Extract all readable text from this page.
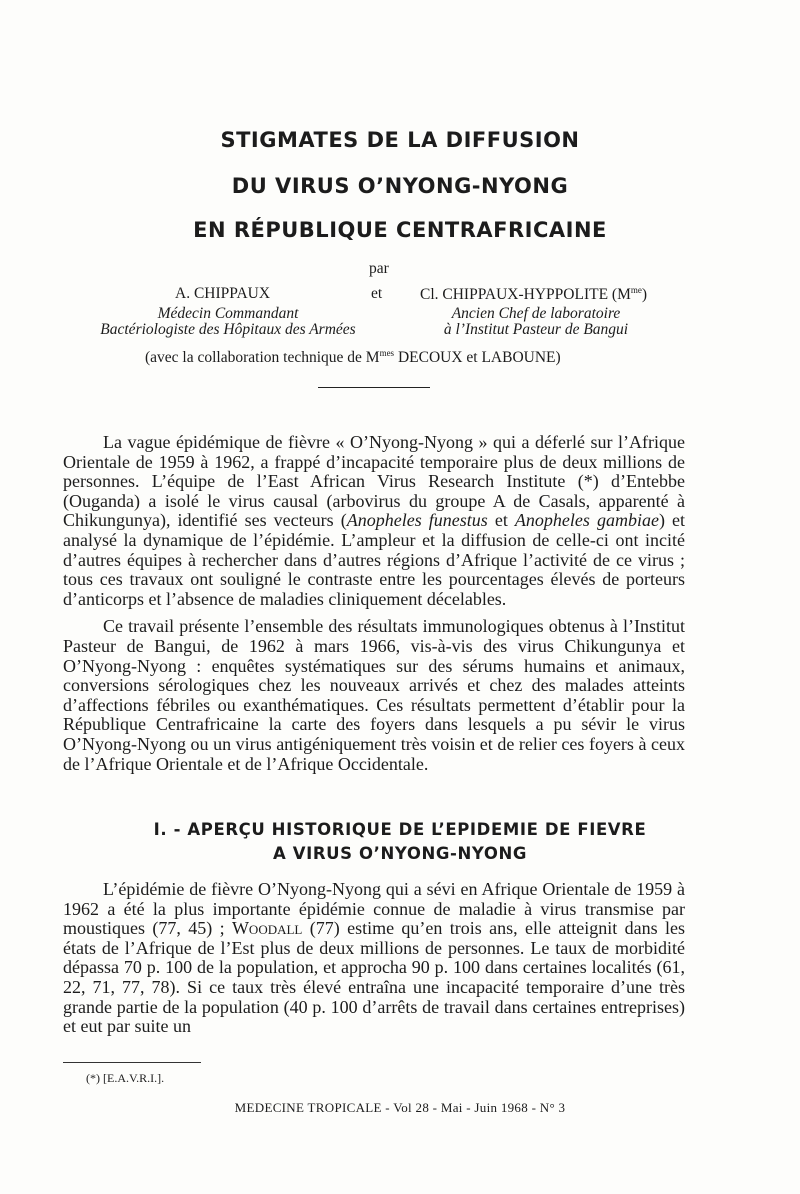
STIGMATES DE LA DIFFUSION
DU VIRUS O’NYONG-NYONG
EN RÉPUBLIQUE CENTRAFRICAINE
par
A. CHIPPAUX	et Cl. CHIPPAUX-HYPPOLITE $(M^{me})$
Médecin Commandant
Bactériologiste des Hôpitaux des Armées
Ancien Chef de laboratoire
à l’Institut Pasteur de Bangui
(avec la collaboration technique de $M^{mes}$ DECOUX et LABOUNE)

La vague épidémique de fièvre « O’Nyong-Nyong » qui a déferlé sur l’Afrique Orientale de 1959 à 1962, a frappé d’incapacité temporaire plus de deux millions de personnes. L’équipe de l’East African Virus Research Institute (*) d’Entebbe (Ouganda) a isolé le virus causal (arbovirus du groupe A de Casals, apparenté à Chikungunya), identifié ses vecteurs (Anopheles funestus et Anopheles gambiae) et analysé la dynamique de l’épidémie. L’ampleur et la diffusion de celle-ci ont incité d’autres équipes à rechercher dans d’autres régions d’Afrique l’activité de ce virus ; tous ces travaux ont souligné le contraste entre les pourcentages élevés de porteurs d’anticorps et l’absence de maladies cliniquement décelables.

Ce travail présente l’ensemble des résultats immunologiques obtenus à l’Institut Pasteur de Bangui, de 1962 à mars 1966, vis-à-vis des virus Chikungunya et O’Nyong-Nyong : enquêtes systématiques sur des sérums humains et animaux, conversions sérologiques chez les nouveaux arrivés et chez des malades atteints d’affections fébriles ou exanthématiques. Ces résultats permettent d’établir pour la République Centrafricaine la carte des foyers dans lesquels a pu sévir le virus O’Nyong-Nyong ou un virus antigéniquement très voisin et de relier ces foyers à ceux de l’Afrique Orientale et de l’Afrique Occidentale.

I. - APERÇU HISTORIQUE DE L’EPIDEMIE DE FIEVRE
A VIRUS O’NYONG-NYONG

L’épidémie de fièvre O’Nyong-Nyong qui a sévi en Afrique Orientale de 1959 à 1962 a été la plus importante épidémie connue de maladie à virus transmise par moustiques (77, 45) ; Woodall (77) estime qu’en trois ans, elle atteignit dans les états de l’Afrique de l’Est plus de deux millions de personnes. Le taux de morbidité dépassa 70 p. 100 de la population, et approcha 90 p. 100 dans certaines localités (61, 22, 71, 77, 78). Si ce taux très élevé entraîna une incapacité temporaire d’une très grande partie de la population (40 p. 100 d’arrêts de travail dans certaines entreprises) et eut par suite un

(*) [E.A.V.R.I.].
MEDECINE TROPICALE - Vol 28 - Mai - Juin 1968 - N° 3
